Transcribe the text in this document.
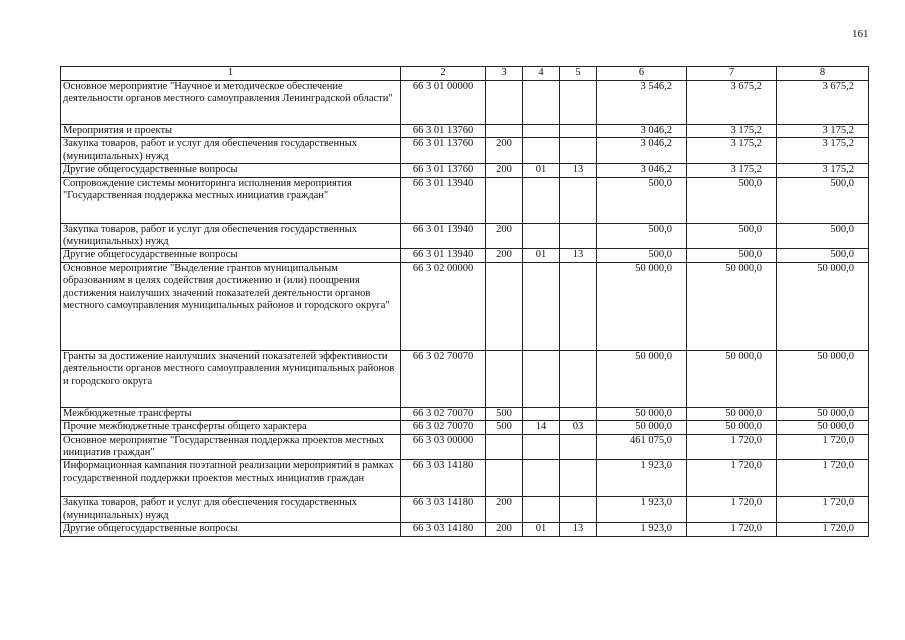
161
1	2	3	4	5	6	7	8
Основное мероприятие "Научное и методическое обеспечение деятельности органов местного самоуправления Ленинградской области"	66 3 01 00000				3 546,2	3 675,2	3 675,2
Мероприятия и проекты	66 3 01 13760				3 046,2	3 175,2	3 175,2
Закупка товаров, работ и услуг для обеспечения государственных (муниципальных) нужд	66 3 01 13760	200			3 046,2	3 175,2	3 175,2
Другие общегосударственные вопросы	66 3 01 13760	200	01	13	3 046,2	3 175,2	3 175,2
Сопровождение системы мониторинга исполнения мероприятия "Государственная поддержка местных инициатив граждан"	66 3 01 13940				500,0	500,0	500,0
Закупка товаров, работ и услуг для обеспечения государственных (муниципальных) нужд	66 3 01 13940	200			500,0	500,0	500,0
Другие общегосударственные вопросы	66 3 01 13940	200	01	13	500,0	500,0	500,0
Основное мероприятие "Выделение грантов муниципальным образованиям в целях содействия достижению и (или) поощрения достижения наилучших значений показателей деятельности органов местного самоуправления муниципальных районов и городского округа"	66 3 02 00000				50 000,0	50 000,0	50 000,0
Гранты за достижение наилучших значений показателей эффективности деятельности органов местного самоуправления муниципальных районов и городского округа	66 3 02 70070				50 000,0	50 000,0	50 000,0
Межбюджетные трансферты	66 3 02 70070	500			50 000,0	50 000,0	50 000,0
Прочие межбюджетные трансферты общего характера	66 3 02 70070	500	14	03	50 000,0	50 000,0	50 000,0
Основное мероприятие "Государственная поддержка проектов местных инициатив граждан"	66 3 03 00000				461 075,0	1 720,0	1 720,0
Информационная кампания поэтапной реализации мероприятий в рамках государственной поддержки проектов местных инициатив граждан	66 3 03 14180				1 923,0	1 720,0	1 720,0
Закупка товаров, работ и услуг для обеспечения государственных (муниципальных) нужд	66 3 03 14180	200			1 923,0	1 720,0	1 720,0
Другие общегосударственные вопросы	66 3 03 14180	200	01	13	1 923,0	1 720,0	1 720,0
